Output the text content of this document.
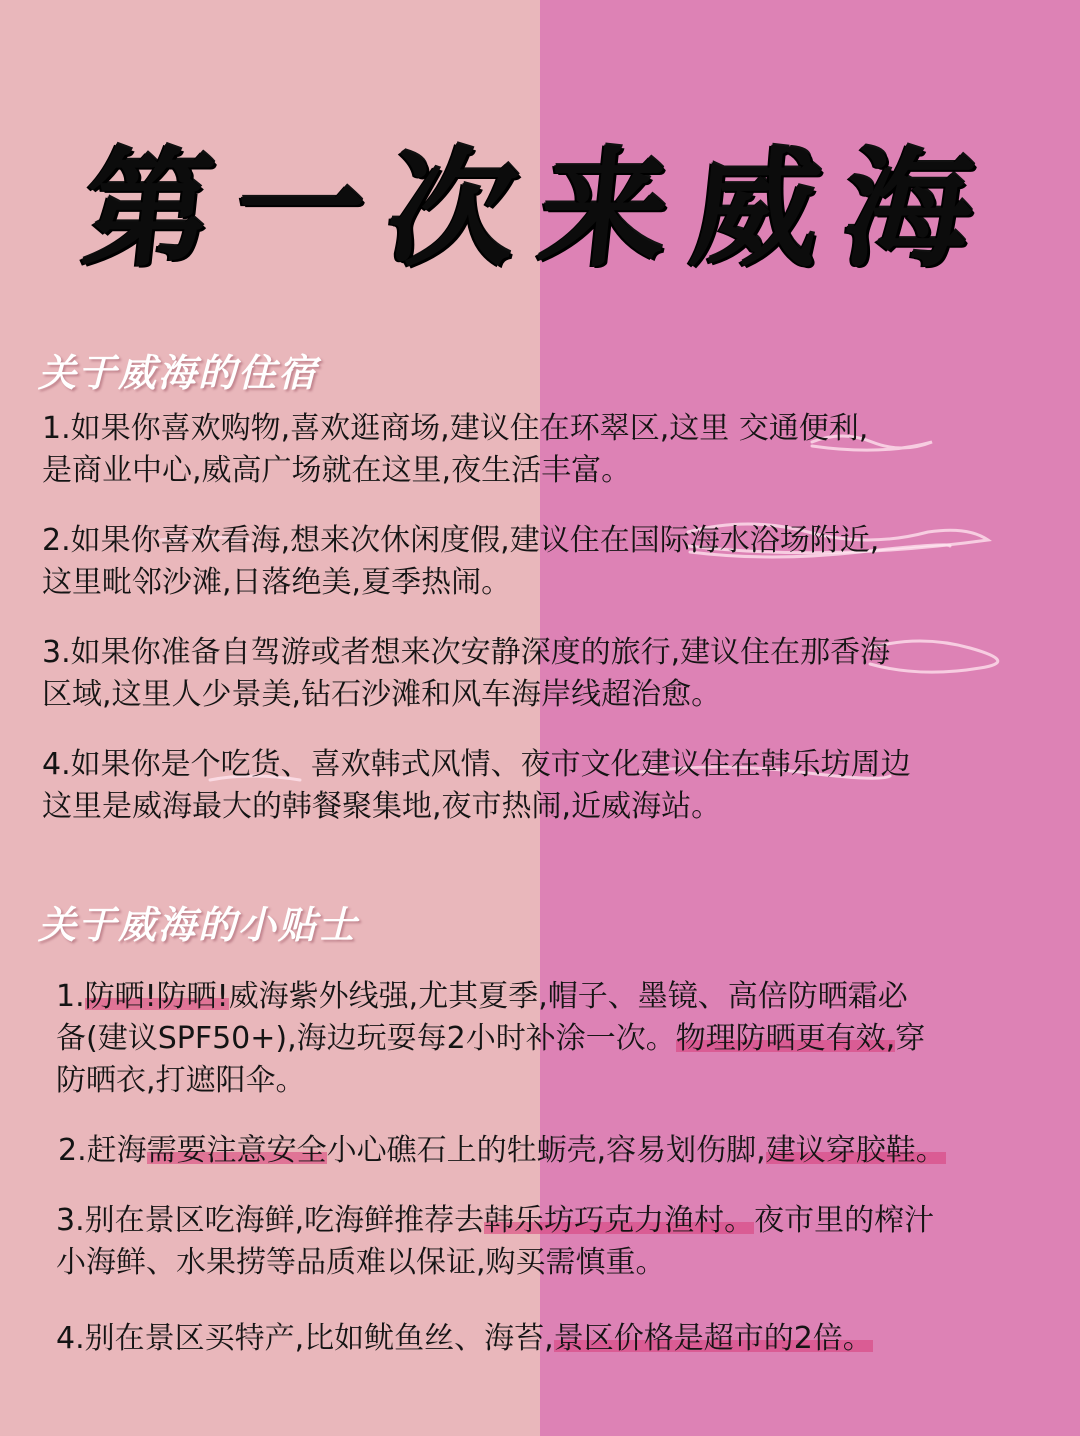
第一次来威海
关于威海的住宿

1.如果你喜欢购物,喜欢逛商场,建议住在环翠区,这里 交通便利,

是商业中心,威高广场就在这里,夜生活丰富。

2.如果你喜欢看海,想来次休闲度假,建议住在国际海水浴场附近,

这里毗邻沙滩,日落绝美,夏季热闹。

3.如果你准备自驾游或者想来次安静深度的旅行,建议住在那香海

区域,这里人少景美,钻石沙滩和风车海岸线超治愈。

4.如果你是个吃货、喜欢韩式风情、夜市文化建议住在韩乐坊周边

这里是威海最大的韩餐聚集地,夜市热闹,近威海站。

关于威海的小贴士

1.防晒!防晒!威海紫外线强,尤其夏季,帽子、墨镜、高倍防晒霜必

备(建议SPF50+),海边玩耍每2小时补涂一次。物理防晒更有效,穿

防晒衣,打遮阳伞。

2.赶海需要注意安全小心礁石上的牡蛎壳,容易划伤脚,建议穿胶鞋。

3.别在景区吃海鲜,吃海鲜推荐去韩乐坊巧克力渔村。夜市里的榨汁

小海鲜、水果捞等品质难以保证,购买需慎重。

4.别在景区买特产,比如鱿鱼丝、海苔,景区价格是超市的2倍。
